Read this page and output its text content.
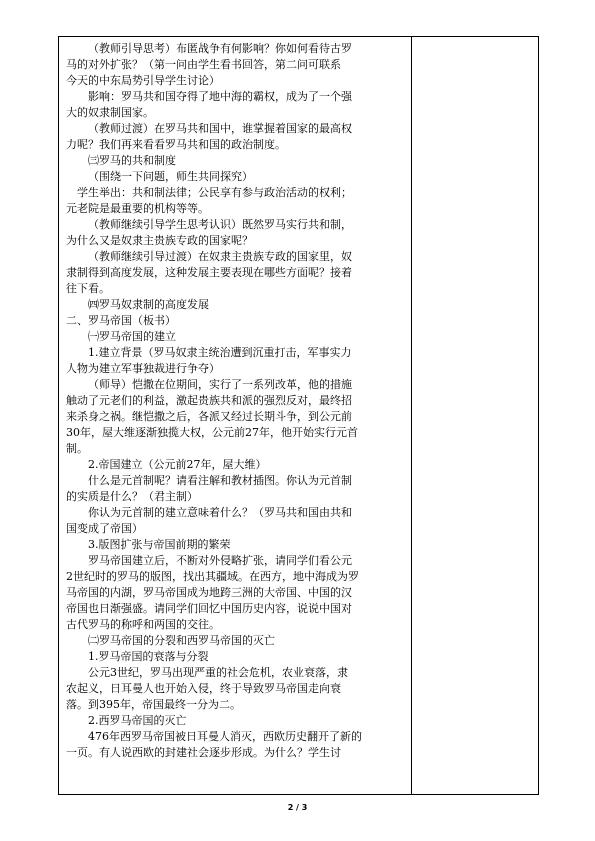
（教师引导思考）布匿战争有何影响？你如何看待古罗
马的对外扩张？（第一问由学生看书回答，第二问可联系
今天的中东局势引导学生讨论）
影响：罗马共和国夺得了地中海的霸权，成为了一个强
大的奴隶制国家。
（教师过渡）在罗马共和国中，谁掌握着国家的最高权
力呢？我们再来看看罗马共和国的政治制度。
㈢罗马的共和制度
（围绕一下问题，师生共同探究）
学生举出：共和制法律；公民享有参与政治活动的权利；
元老院是最重要的机构等等。
（教师继续引导学生思考认识）既然罗马实行共和制，
为什么又是奴隶主贵族专政的国家呢？
（教师继续引导过渡）在奴隶主贵族专政的国家里，奴
隶制得到高度发展，这种发展主要表现在哪些方面呢？接着
往下看。
㈣罗马奴隶制的高度发展
二、罗马帝国（板书）
㈠罗马帝国的建立
1.建立背景（罗马奴隶主统治遭到沉重打击，军事实力
人物为建立军事独裁进行争夺）
（师导）恺撒在位期间，实行了一系列改革，他的措施
触动了元老们的利益，激起贵族共和派的强烈反对，最终招
来杀身之祸。继恺撒之后，各派又经过长期斗争，到公元前
30年，屋大维逐渐独揽大权，公元前27年，他开始实行元首
制。
2.帝国建立（公元前27年，屋大维）
什么是元首制呢？请看注解和教材插图。你认为元首制
的实质是什么？（君主制）
你认为元首制的建立意味着什么？（罗马共和国由共和
国变成了帝国）
3.版图扩张与帝国前期的繁荣
罗马帝国建立后，不断对外侵略扩张，请同学们看公元
2世纪时的罗马的版图，找出其疆域。在西方，地中海成为罗
马帝国的内湖，罗马帝国成为地跨三洲的大帝国、中国的汉
帝国也日渐强盛。请同学们回忆中国历史内容，说说中国对
古代罗马的称呼和两国的交往。
㈡罗马帝国的分裂和西罗马帝国的灭亡
1.罗马帝国的衰落与分裂
公元3世纪，罗马出现严重的社会危机，农业衰落，隶
农起义，日耳曼人也开始入侵，终于导致罗马帝国走向衰
落。到395年，帝国最终一分为二。
2.西罗马帝国的灭亡
476年西罗马帝国被日耳曼人消灭，西欧历史翻开了新的
一页。有人说西欧的封建社会逐步形成。为什么？学生讨

2 / 3
